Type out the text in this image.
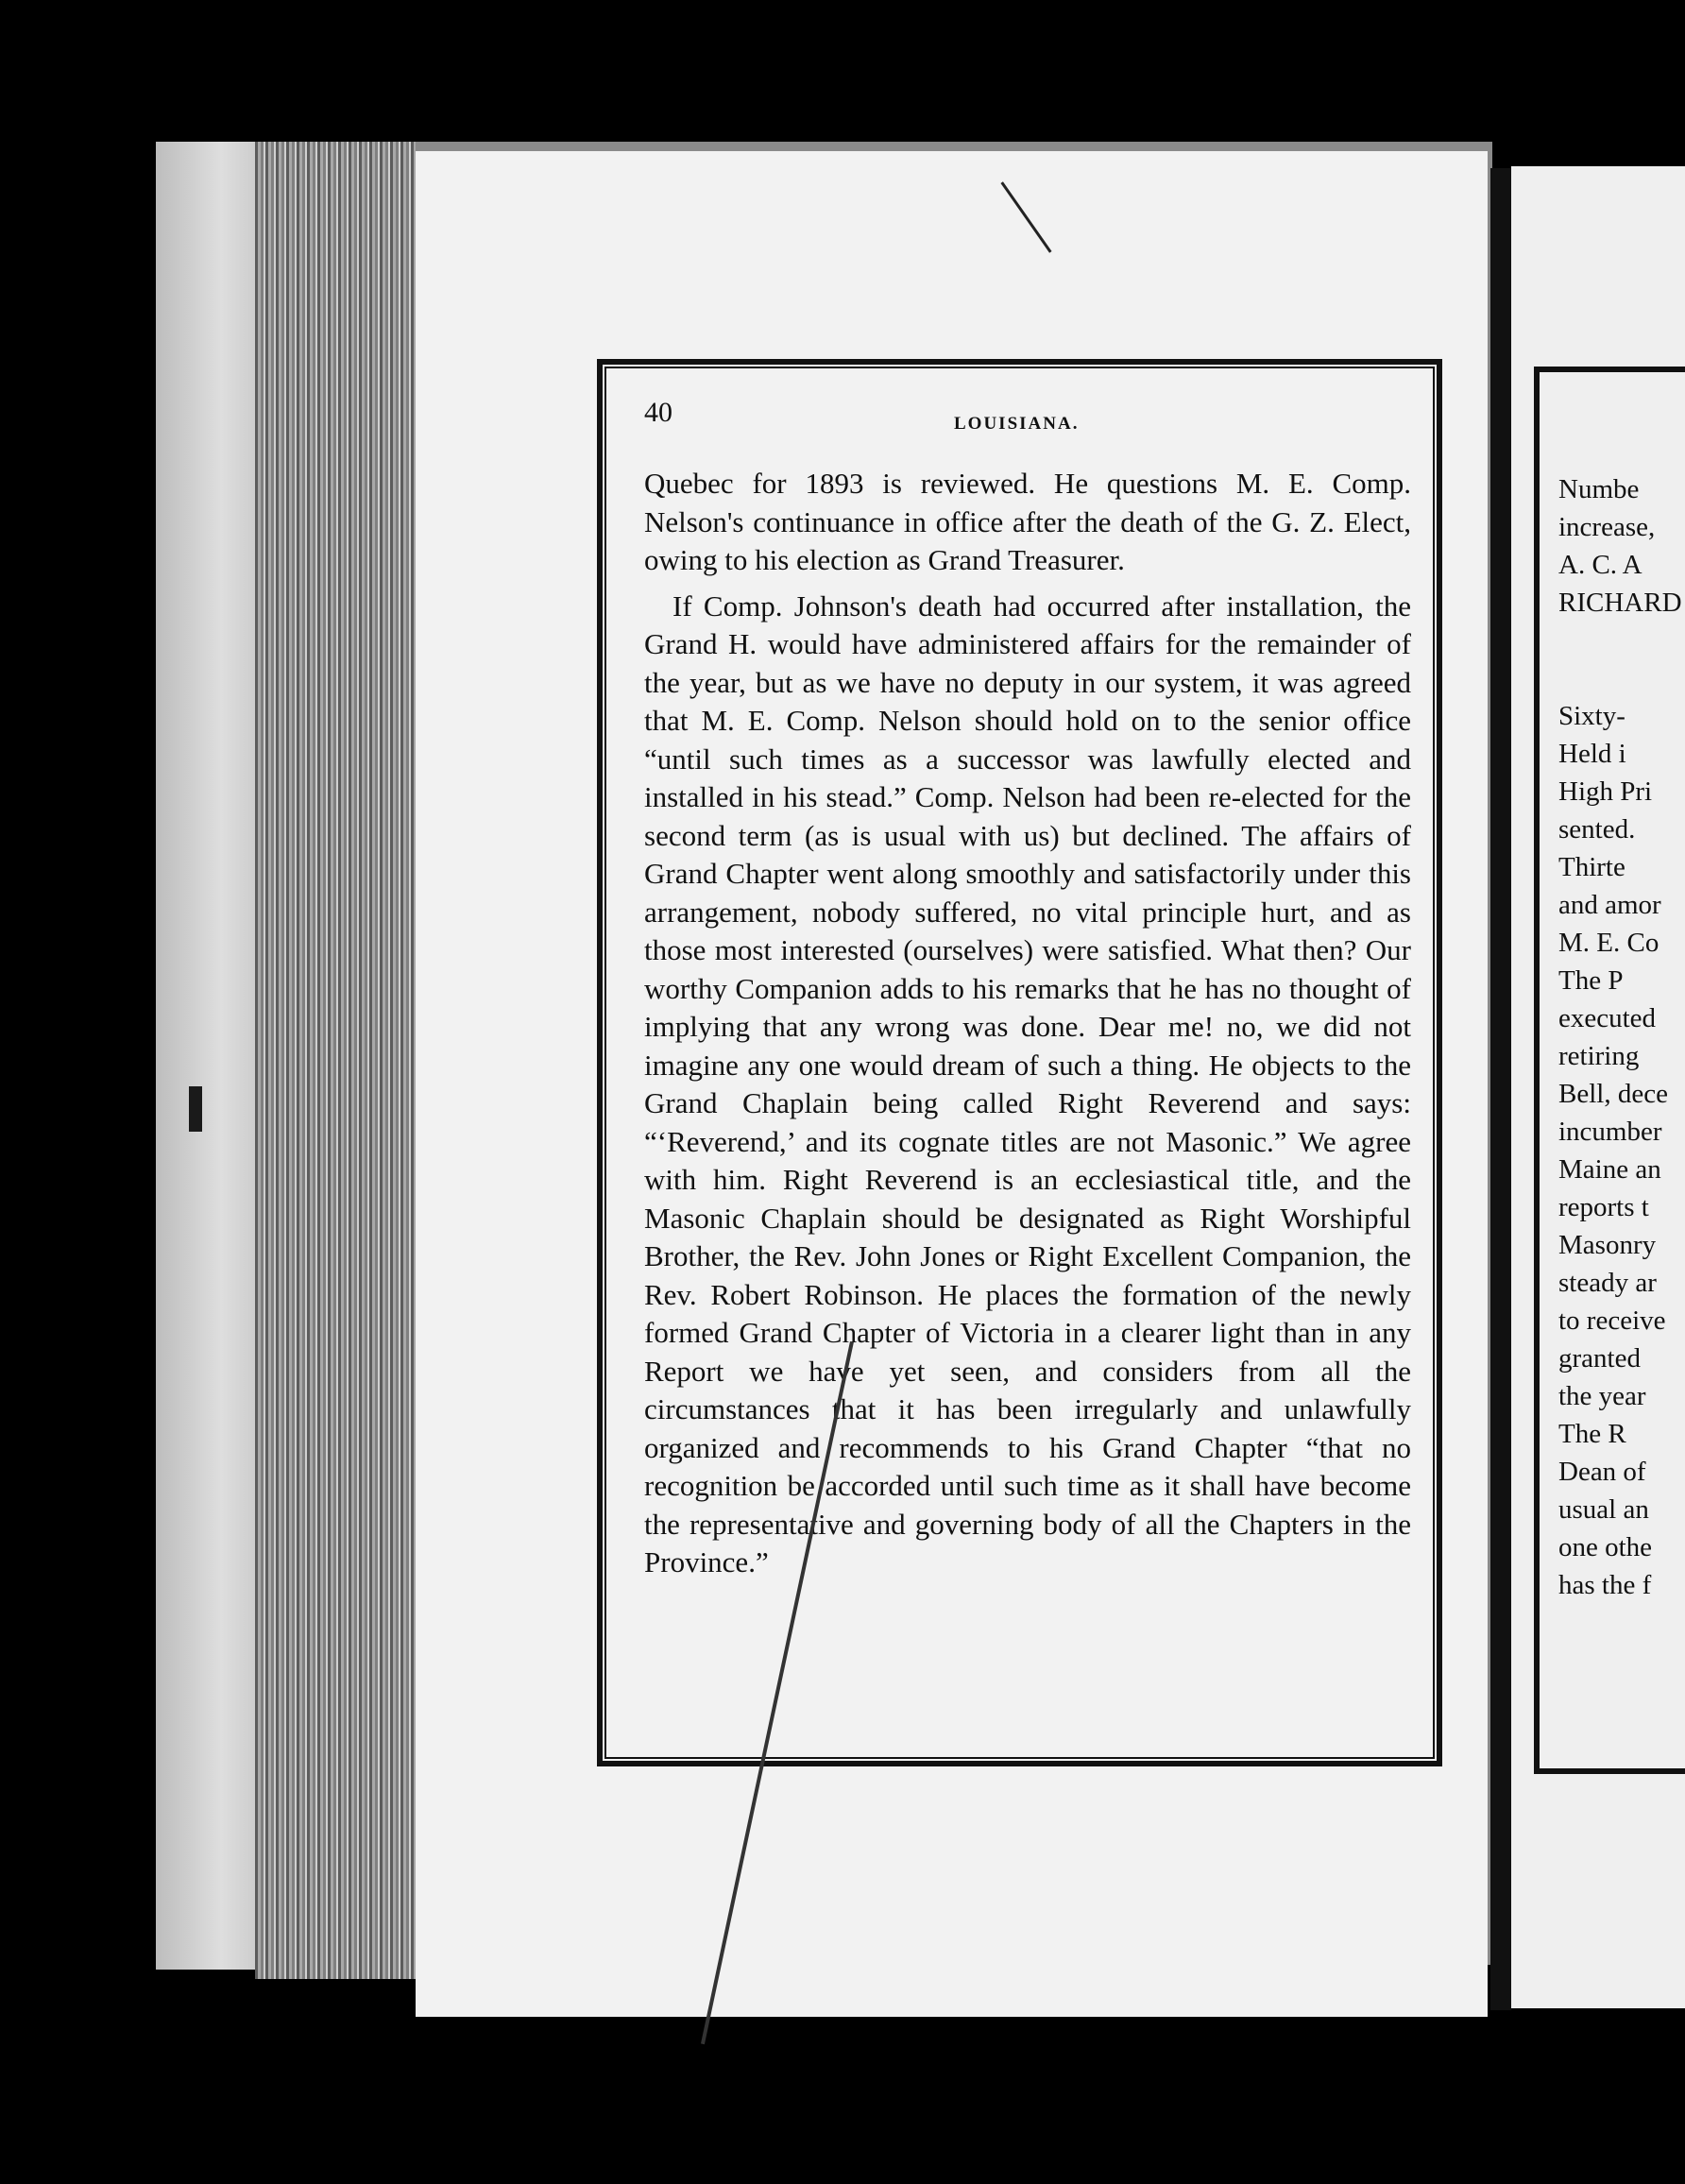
40	LOUISIANA.

Quebec for 1893 is reviewed. He questions M. E. Comp. Nelson's continuance in office after the death of the G. Z. Elect, owing to his election as Grand Treasurer.

If Comp. Johnson's death had occurred after installation, the Grand H. would have administered affairs for the remainder of the year, but as we have no deputy in our system, it was agreed that M. E. Comp. Nelson should hold on to the senior office “until such times as a successor was lawfully elected and installed in his stead.” Comp. Nelson had been re-elected for the second term (as is usual with us) but declined. The affairs of Grand Chapter went along smoothly and satisfactorily under this arrangement, nobody suffered, no vital principle hurt, and as those most interested (ourselves) were satisfied. What then? Our worthy Companion adds to his remarks that he has no thought of implying that any wrong was done. Dear me! no, we did not imagine any one would dream of such a thing. He objects to the Grand Chaplain being called Right Reverend and says: “‘Reverend,’ and its cognate titles are not Masonic.” We agree with him. Right Reverend is an ecclesiastical title, and the Masonic Chaplain should be designated as Right Worshipful Brother, the Rev. John Jones or Right Excellent Companion, the Rev. Robert Robinson. He places the formation of the newly formed Grand Chapter of Victoria in a clearer light than in any Report we have yet seen, and considers from all the circumstances that it has been irregularly and unlawfully organized and recommends to his Grand Chapter “that no recognition be accorded until such time as it shall have become the representative and governing body of all the Chapters in the Province.”

Numbe
increase,
A. C. A
RICHARD
Sixty-
Held i
High Pri
sented.
Thirte
and amor
M. E. Co
The P
executed
retiring
Bell, dece
incumber
Maine an
reports t
Masonry
steady ar
to receive
granted
the year
The R
Dean of
usual an
one othe
has the f
